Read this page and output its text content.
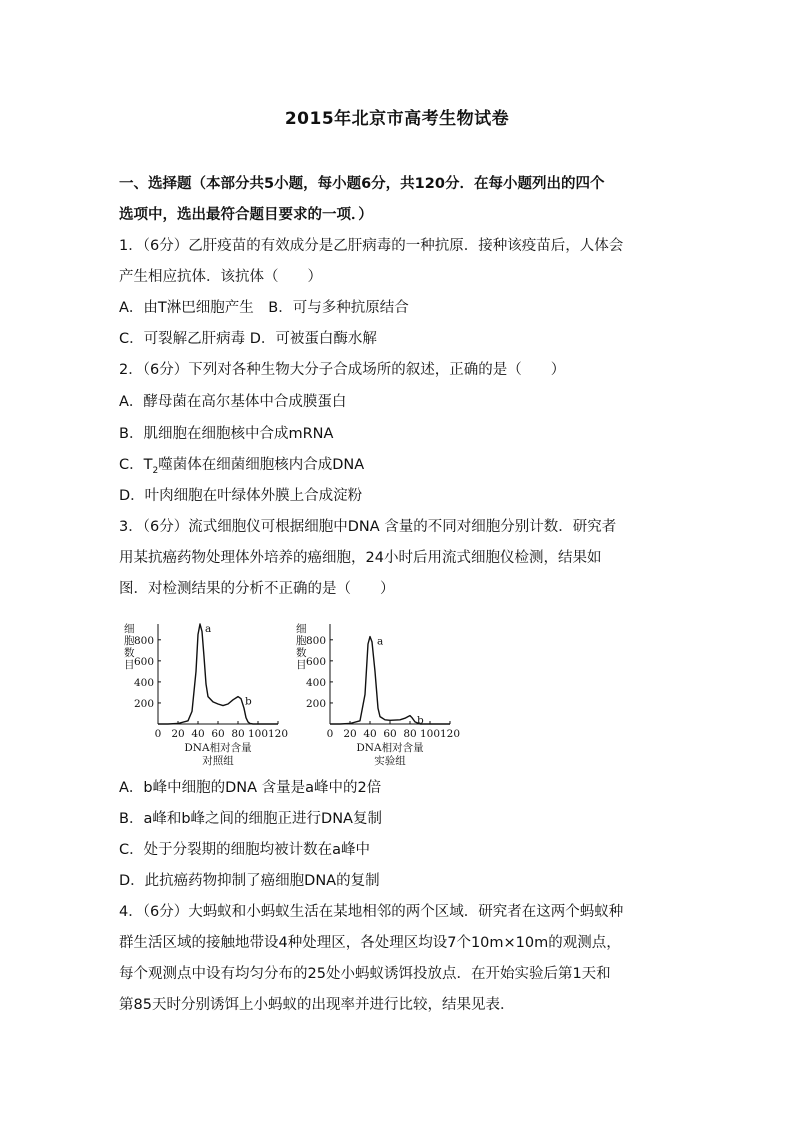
2015年北京市高考生物试卷
一、选择题（本部分共5小题，每小题6分，共120分．在每小题列出的四个
选项中，选出最符合题目要求的一项．）
1．（6分）乙肝疫苗的有效成分是乙肝病毒的一种抗原．接种该疫苗后，人体会
产生相应抗体．该抗体（　　）
A．由T淋巴细胞产生　B．可与多种抗原结合
C．可裂解乙肝病毒 D．可被蛋白酶水解
2．（6分）下列对各种生物大分子合成场所的叙述，正确的是（　　）
A．酵母菌在高尔基体中合成膜蛋白
B．肌细胞在细胞核中合成mRNA
C．$T_2$噬菌体在细菌细胞核内合成DNA
D．叶肉细胞在叶绿体外膜上合成淀粉
3．（6分）流式细胞仪可根据细胞中DNA 含量的不同对细胞分别计数．研究者
用某抗癌药物处理体外培养的癌细胞，24小时后用流式细胞仪检测，结果如
图．对检测结果的分析不正确的是（　　）
0 20 40 60 80 100 120
200
400
600
800
细胞数目
DNA相对含量
对照组
a
b
0 20 40 60 80 100 120
200
400
600
800
细胞数目
DNA相对含量
实验组
a
b
A．b峰中细胞的DNA 含量是a峰中的2倍
B．a峰和b峰之间的细胞正进行DNA复制
C．处于分裂期的细胞均被计数在a峰中
D．此抗癌药物抑制了癌细胞DNA的复制
4．（6分）大蚂蚁和小蚂蚁生活在某地相邻的两个区域．研究者在这两个蚂蚁种
群生活区域的接触地带设4种处理区，各处理区均设7个10m×10m的观测点，
每个观测点中设有均匀分布的25处小蚂蚁诱饵投放点．在开始实验后第1天和
第85天时分别诱饵上小蚂蚁的出现率并进行比较，结果见表．
